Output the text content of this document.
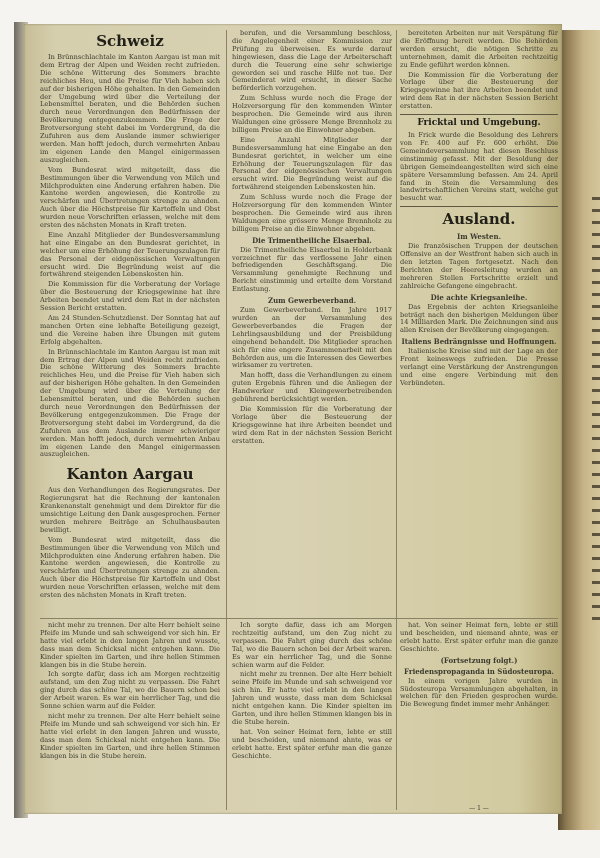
Schweiz

In Brünnschlachtale im Kanton Aargau ist man mit dem Ertrag der Alpen und Weiden recht zufrieden. Die schöne Witterung des Sommers brachte reichliches Heu, und die Preise für Vieh haben sich auf der bisherigen Höhe gehalten. In den Gemeinden der Umgebung wird über die Verteilung der Lebensmittel beraten, und die Behörden suchen durch neue Verordnungen den Bedürfnissen der Bevölkerung entgegenzukommen. Die Frage der Brotversorgung steht dabei im Vordergrund, da die Zufuhren aus dem Auslande immer schwieriger werden. Man hofft jedoch, durch vermehrten Anbau im eigenen Lande den Mangel einigermassen auszugleichen.

Vom Bundesrat wird mitgeteilt, dass die Bestimmungen über die Verwendung von Milch und Milchprodukten eine Änderung erfahren haben. Die Kantone werden angewiesen, die Kontrolle zu verschärfen und Übertretungen strenge zu ahnden. Auch über die Höchstpreise für Kartoffeln und Obst wurden neue Vorschriften erlassen, welche mit dem ersten des nächsten Monats in Kraft treten.

Eine Anzahl Mitglieder der Bundesversammlung hat eine Eingabe an den Bundesrat gerichtet, in welcher um eine Erhöhung der Teuerungszulagen für das Personal der eidgenössischen Verwaltungen ersucht wird. Die Begründung weist auf die fortwährend steigenden Lebenskosten hin.

Die Kommission für die Vorberatung der Vorlage über die Besteuerung der Kriegsgewinne hat ihre Arbeiten beendet und wird dem Rat in der nächsten Session Bericht erstatten.

Am 24 Stunden-Schutzdienst. Der Sonntag hat auf manchen Orten eine lebhafte Beteiligung gezeigt, und die Vereine haben ihre Übungen mit gutem Erfolg abgehalten.

In Brünnschlachtale im Kanton Aargau ist man mit dem Ertrag der Alpen und Weiden recht zufrieden. Die schöne Witterung des Sommers brachte reichliches Heu, und die Preise für Vieh haben sich auf der bisherigen Höhe gehalten. In den Gemeinden der Umgebung wird über die Verteilung der Lebensmittel beraten, und die Behörden suchen durch neue Verordnungen den Bedürfnissen der Bevölkerung entgegenzukommen. Die Frage der Brotversorgung steht dabei im Vordergrund, da die Zufuhren aus dem Auslande immer schwieriger werden. Man hofft jedoch, durch vermehrten Anbau im eigenen Lande den Mangel einigermassen auszugleichen.

Kanton Aargau

Aus den Verhandlungen des Regierungsrates. Der Regierungsrat hat die Rechnung der kantonalen Krankenanstalt genehmigt und dem Direktor für die umsichtige Leitung den Dank ausgesprochen. Ferner wurden mehrere Beiträge an Schulhausbauten bewilligt.

Vom Bundesrat wird mitgeteilt, dass die Bestimmungen über die Verwendung von Milch und Milchprodukten eine Änderung erfahren haben. Die Kantone werden angewiesen, die Kontrolle zu verschärfen und Übertretungen strenge zu ahnden. Auch über die Höchstpreise für Kartoffeln und Obst wurden neue Vorschriften erlassen, welche mit dem ersten des nächsten Monats in Kraft treten.

berufen, und die Versammlung beschloss, die Angelegenheit einer Kommission zur Prüfung zu überweisen. Es wurde darauf hingewiesen, dass die Lage der Arbeiterschaft durch die Teuerung eine sehr schwierige geworden sei und rasche Hilfe not tue. Der Gemeinderat wird ersucht, in dieser Sache beförderlich vorzugehen.

Zum Schluss wurde noch die Frage der Holzversorgung für den kommenden Winter besprochen. Die Gemeinde wird aus ihren Waldungen eine grössere Menge Brennholz zu billigem Preise an die Einwohner abgeben.

Eine Anzahl Mitglieder der Bundesversammlung hat eine Eingabe an den Bundesrat gerichtet, in welcher um eine Erhöhung der Teuerungszulagen für das Personal der eidgenössischen Verwaltungen ersucht wird. Die Begründung weist auf die fortwährend steigenden Lebenskosten hin.

Zum Schluss wurde noch die Frage der Holzversorgung für den kommenden Winter besprochen. Die Gemeinde wird aus ihren Waldungen eine grössere Menge Brennholz zu billigem Preise an die Einwohner abgeben.

Die Trimentheiliche Elsaerbal.

Die Trimentheiliche Elsaerbal in Holderbank verzeichnet für das verflossene Jahr einen befriedigenden Geschäftsgang. Die Versammlung genehmigte Rechnung und Bericht einstimmig und erteilte dem Vorstand Entlastung.

Zum Gewerbeverband.

Zum Gewerbeverband. Im Jahre 1917 wurden an der Versammlung des Gewerbeverbandes die Fragen der Lehrlingsausbildung und der Preisbildung eingehend behandelt. Die Mitglieder sprachen sich für eine engere Zusammenarbeit mit den Behörden aus, um die Interessen des Gewerbes wirksamer zu vertreten.

Man hofft, dass die Verhandlungen zu einem guten Ergebnis führen und die Anliegen der Handwerker und Kleingewerbetreibenden gebührend berücksichtigt werden.

Die Kommission für die Vorberatung der Vorlage über die Besteuerung der Kriegsgewinne hat ihre Arbeiten beendet und wird dem Rat in der nächsten Session Bericht erstatten.

bereiteten Arbeiten nur mit Verspätung für die Eröffnung bereit werden. Die Behörden werden ersucht, die nötigen Schritte zu unternehmen, damit die Arbeiten rechtzeitig zu Ende geführt werden können.

Die Kommission für die Vorberatung der Vorlage über die Besteuerung der Kriegsgewinne hat ihre Arbeiten beendet und wird dem Rat in der nächsten Session Bericht erstatten.

Fricktal und Umgebung.

In Frick wurde die Besoldung des Lehrers von Fr. 400 auf Fr. 600 erhöht. Die Gemeindeversammlung hat diesen Beschluss einstimmig gefasst. Mit der Besoldung der übrigen Gemeindeangestellten wird sich eine spätere Versammlung befassen. Am 24. April fand in Stein die Versammlung des landwirtschaftlichen Vereins statt, welche gut besucht war.

Ausland.
Im Westen.

Die französischen Truppen der deutschen Offensive an der Westfront haben sich auch in den letzten Tagen fortgesetzt. Nach den Berichten der Heeresleitung wurden an mehreren Stellen Fortschritte erzielt und zahlreiche Gefangene eingebracht.

Die achte Kriegsanleihe.

Das Ergebnis der achten Kriegsanleihe beträgt nach den bisherigen Meldungen über 14 Milliarden Mark. Die Zeichnungen sind aus allen Kreisen der Bevölkerung eingegangen.

Italiens Bedrängnisse und Hoffnungen.

Italienische Kreise sind mit der Lage an der Front keineswegs zufrieden. Die Presse verlangt eine Verstärkung der Anstrengungen und eine engere Verbindung mit den Verbündeten.

nicht mehr zu trennen. Der alte Herr behielt seine Pfeife im Munde und sah schweigend vor sich hin. Er hatte viel erlebt in den langen Jahren und wusste, dass man dem Schicksal nicht entgehen kann. Die Kinder spielten im Garten, und ihre hellen Stimmen klangen bis in die Stube herein.

Ich sorgte dafür, dass ich am Morgen rechtzeitig aufstand, um den Zug nicht zu verpassen. Die Fahrt ging durch das schöne Tal, wo die Bauern schon bei der Arbeit waren. Es war ein herrlicher Tag, und die Sonne schien warm auf die Felder.

nicht mehr zu trennen. Der alte Herr behielt seine Pfeife im Munde und sah schweigend vor sich hin. Er hatte viel erlebt in den langen Jahren und wusste, dass man dem Schicksal nicht entgehen kann. Die Kinder spielten im Garten, und ihre hellen Stimmen klangen bis in die Stube herein.

Ich sorgte dafür, dass ich am Morgen rechtzeitig aufstand, um den Zug nicht zu verpassen. Die Fahrt ging durch das schöne Tal, wo die Bauern schon bei der Arbeit waren. Es war ein herrlicher Tag, und die Sonne schien warm auf die Felder.

nicht mehr zu trennen. Der alte Herr behielt seine Pfeife im Munde und sah schweigend vor sich hin. Er hatte viel erlebt in den langen Jahren und wusste, dass man dem Schicksal nicht entgehen kann. Die Kinder spielten im Garten, und ihre hellen Stimmen klangen bis in die Stube herein.

hat. Von seiner Heimat fern, lebte er still und bescheiden, und niemand ahnte, was er erlebt hatte. Erst später erfuhr man die ganze Geschichte.

hat. Von seiner Heimat fern, lebte er still und bescheiden, und niemand ahnte, was er erlebt hatte. Erst später erfuhr man die ganze Geschichte.

(Fortsetzung folgt.)
Friedenspropaganda in Südosteuropa.

In einem vorigen Jahre wurden in Südosteuropa Versammlungen abgehalten, in welchen für den Frieden gesprochen wurde. Die Bewegung findet immer mehr Anhänger.

— 1 —
